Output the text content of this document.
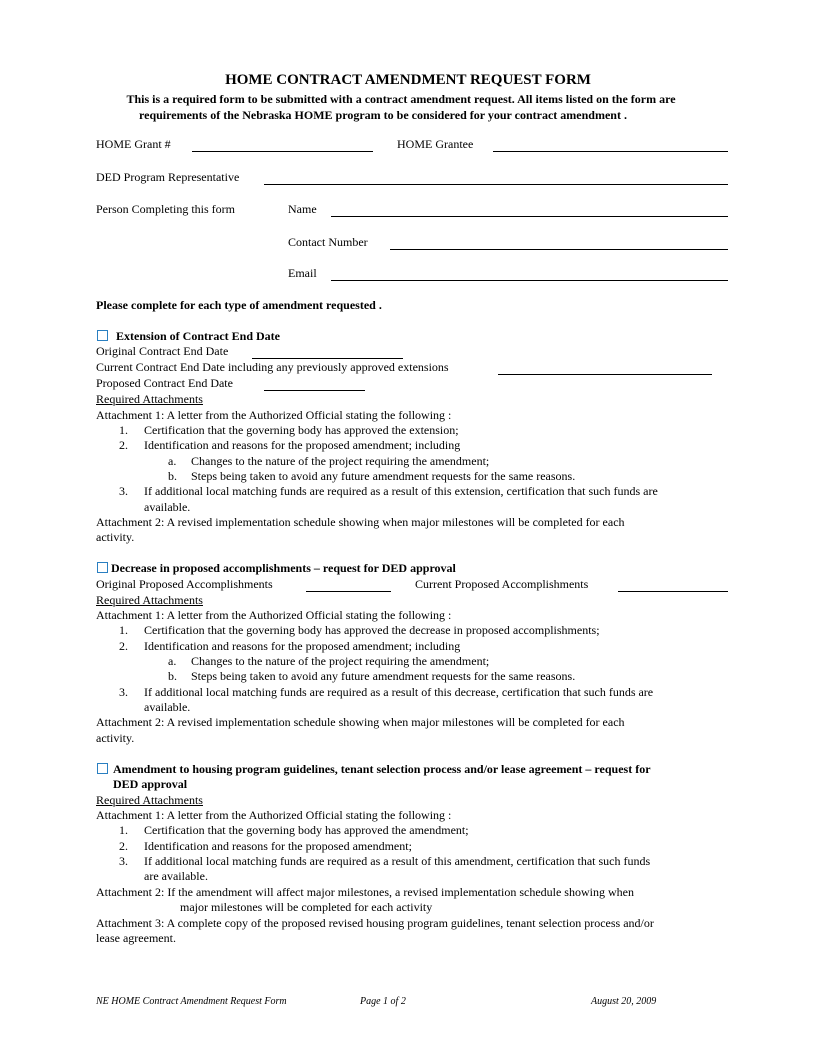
HOME CONTRACT AMENDMENT REQUEST FORM
This is a required form to be submitted with a contract amendment request. All items listed on the form are
requirements of the Nebraska HOME program to be considered for your contract amendment .
HOME Grant #	HOME Grantee
DED Program Representative
Person Completing this form	Name
Contact Number
Email
Please complete for each type of amendment requested .
Extension of Contract End Date
Original Contract End Date
Current Contract End Date including any previously approved extensions
Proposed Contract End Date
Required Attachments
Attachment 1: A letter from the Authorized Official stating the following :
1. Certification that the governing body has approved the extension;
2. Identification and reasons for the proposed amendment; including
a. Changes to the nature of the project requiring the amendment;
b. Steps being taken to avoid any future amendment requests for the same reasons.
3. If additional local matching funds are required as a result of this extension, certification that such funds are
available.
Attachment 2: A revised implementation schedule showing when major milestones will be completed for each
activity.
Decrease in proposed accomplishments – request for DED approval
Original Proposed Accomplishments	Current Proposed Accomplishments
Required Attachments
Attachment 1: A letter from the Authorized Official stating the following :
1. Certification that the governing body has approved the decrease in proposed accomplishments;
2. Identification and reasons for the proposed amendment; including
a. Changes to the nature of the project requiring the amendment;
b. Steps being taken to avoid any future amendment requests for the same reasons.
3. If additional local matching funds are required as a result of this decrease, certification that such funds are
available.
Attachment 2: A revised implementation schedule showing when major milestones will be completed for each
activity.
Amendment to housing program guidelines, tenant selection process and/or lease agreement – request for
DED approval
Required Attachments
Attachment 1: A letter from the Authorized Official stating the following :
1. Certification that the governing body has approved the amendment;
2. Identification and reasons for the proposed amendment;
3. If additional local matching funds are required as a result of this amendment, certification that such funds
are available.
Attachment 2: If the amendment will affect major milestones, a revised implementation schedule showing when
major milestones will be completed for each activity
Attachment 3: A complete copy of the proposed revised housing program guidelines, tenant selection process and/or
lease agreement.
NE HOME Contract Amendment Request Form	Page 1 of 2	August 20, 2009
